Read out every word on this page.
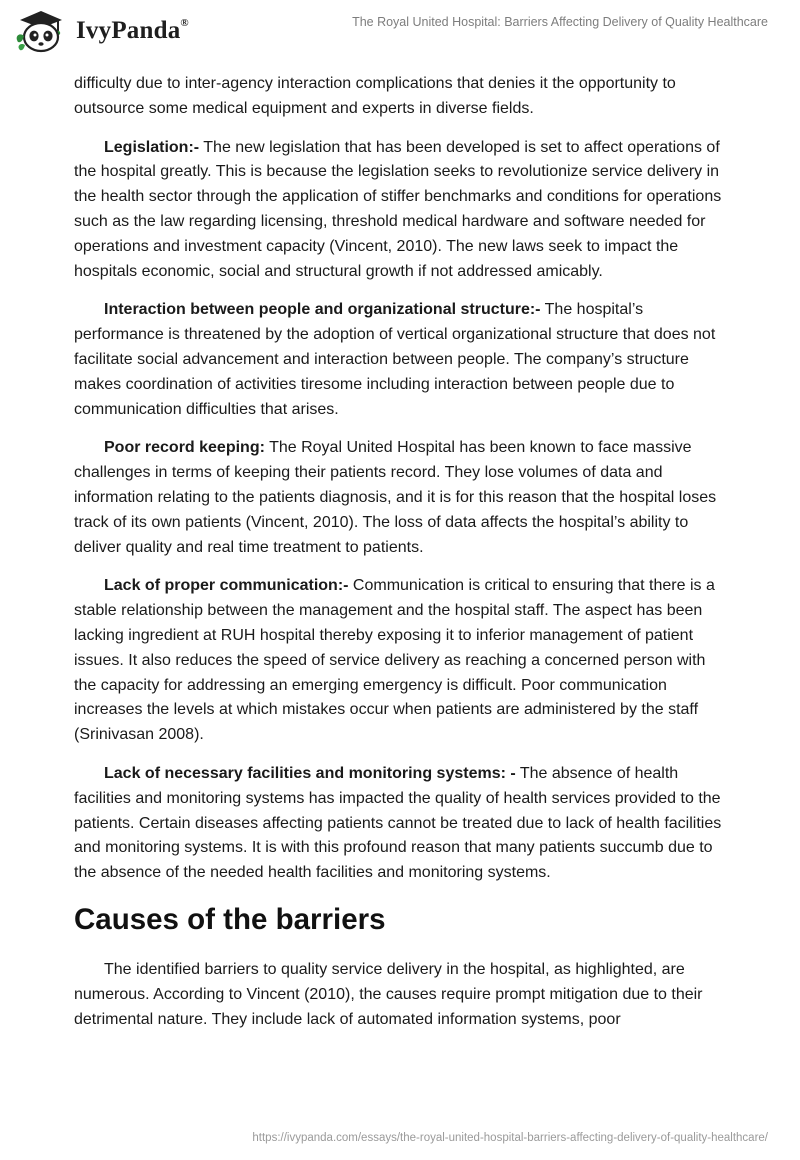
IvyPanda®	The Royal United Hospital: Barriers Affecting Delivery of Quality Healthcare

difficulty due to inter-agency interaction complications that denies it the opportunity to outsource some medical equipment and experts in diverse fields.

Legislation:- The new legislation that has been developed is set to affect operations of the hospital greatly. This is because the legislation seeks to revolutionize service delivery in the health sector through the application of stiffer benchmarks and conditions for operations such as the law regarding licensing, threshold medical hardware and software needed for operations and investment capacity (Vincent, 2010). The new laws seek to impact the hospitals economic, social and structural growth if not addressed amicably.

Interaction between people and organizational structure:- The hospital’s performance is threatened by the adoption of vertical organizational structure that does not facilitate social advancement and interaction between people. The company’s structure makes coordination of activities tiresome including interaction between people due to communication difficulties that arises.

Poor record keeping: The Royal United Hospital has been known to face massive challenges in terms of keeping their patients record. They lose volumes of data and information relating to the patients diagnosis, and it is for this reason that the hospital loses track of its own patients (Vincent, 2010). The loss of data affects the hospital’s ability to deliver quality and real time treatment to patients.

Lack of proper communication:- Communication is critical to ensuring that there is a stable relationship between the management and the hospital staff. The aspect has been lacking ingredient at RUH hospital thereby exposing it to inferior management of patient issues. It also reduces the speed of service delivery as reaching a concerned person with the capacity for addressing an emerging emergency is difficult. Poor communication increases the levels at which mistakes occur when patients are administered by the staff (Srinivasan 2008).

Lack of necessary facilities and monitoring systems: - The absence of health facilities and monitoring systems has impacted the quality of health services provided to the patients. Certain diseases affecting patients cannot be treated due to lack of health facilities and monitoring systems. It is with this profound reason that many patients succumb due to the absence of the needed health facilities and monitoring systems.

Causes of the barriers

The identified barriers to quality service delivery in the hospital, as highlighted, are numerous. According to Vincent (2010), the causes require prompt mitigation due to their detrimental nature. They include lack of automated information systems, poor

https://ivypanda.com/essays/the-royal-united-hospital-barriers-affecting-delivery-of-quality-healthcare/
